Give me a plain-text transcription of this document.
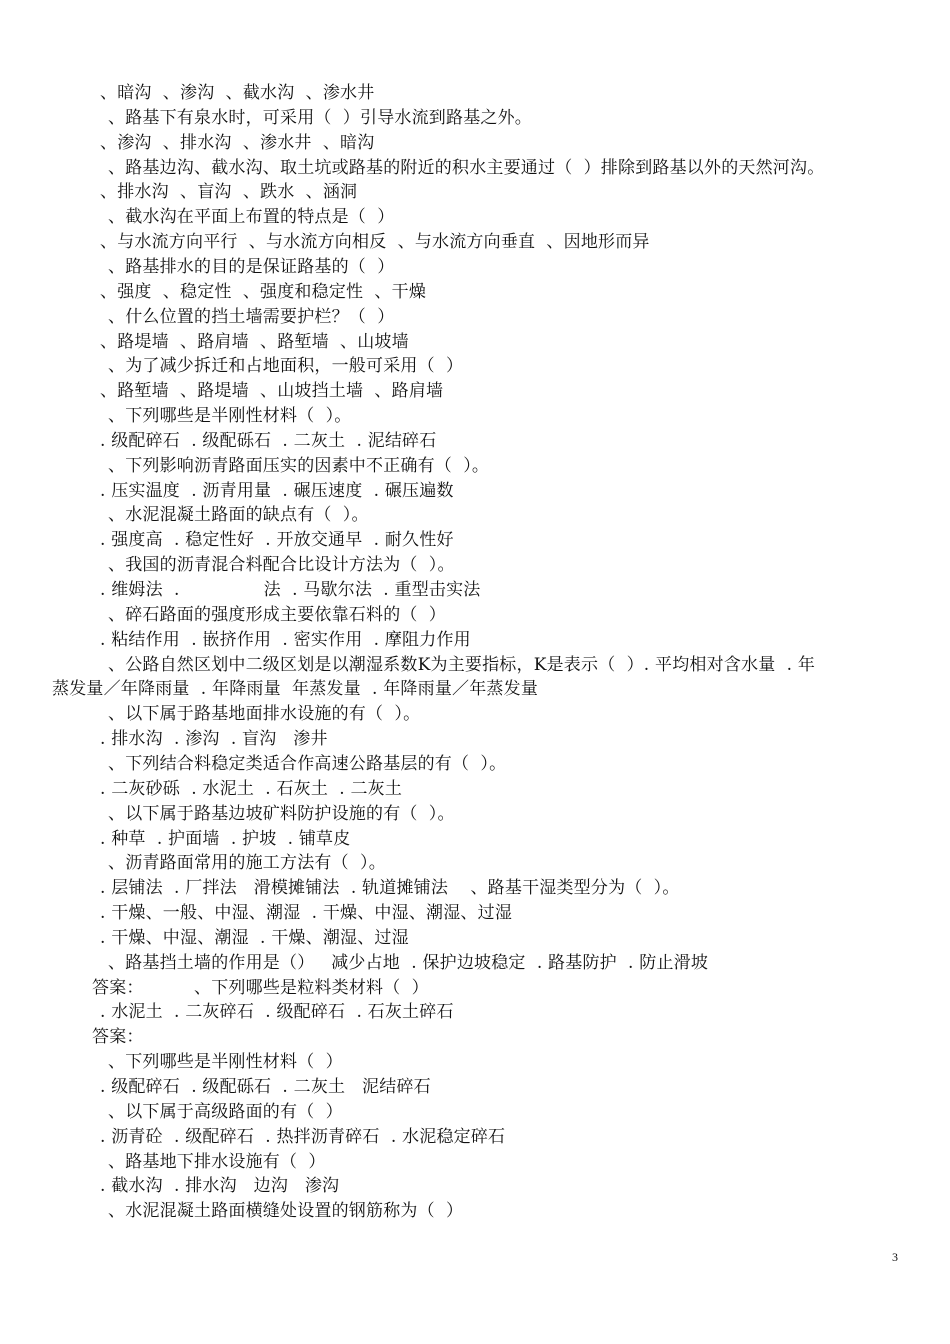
、暗沟  、渗沟  、截水沟  、渗水井
、路基下有泉水时，可采用（  ）引导水流到路基之外。
、渗沟  、排水沟  、渗水井  、暗沟
、路基边沟、截水沟、取土坑或路基的附近的积水主要通过（  ）排除到路基以外的天然河沟。
、排水沟  、盲沟  、跌水  、涵洞
、截水沟在平面上布置的特点是（  ）
、与水流方向平行  、与水流方向相反  、与水流方向垂直  、因地形而异
、路基排水的目的是保证路基的（  ）
、强度  、稳定性  、强度和稳定性  、干燥
、什么位置的挡土墙需要护栏？（  ）
、路堤墙  、路肩墙  、路堑墙  、山坡墙
、为了减少拆迁和占地面积，一般可采用（  ）
、路堑墙  、路堤墙  、山坡挡土墙  、路肩墙
、下列哪些是半刚性材料（  ）。
. 级配碎石  . 级配砾石  . 二灰土  . 泥结碎石
、下列影响沥青路面压实的因素中不正确有（  ）。
. 压实温度  . 沥青用量  . 碾压速度  . 碾压遍数
、水泥混凝土路面的缺点有（  ）。
. 强度高  . 稳定性好  . 开放交通早  . 耐久性好
、我国的沥青混合料配合比设计方法为（  ）。
. 维姆法  .               法  . 马歇尔法  . 重型击实法
、碎石路面的强度形成主要依靠石料的（  ）
. 粘结作用  . 嵌挤作用  . 密实作用  . 摩阻力作用
、公路自然区划中二级区划是以潮湿系数K为主要指标，K是表示（  ）. 平均相对含水量  . 年
蒸发量／年降雨量  . 年降雨量  年蒸发量  . 年降雨量／年蒸发量
、以下属于路基地面排水设施的有（  ）。
. 排水沟  . 渗沟  . 盲沟   渗井
、下列结合料稳定类适合作高速公路基层的有（  ）。
. 二灰砂砾  . 水泥土  . 石灰土  . 二灰土
、以下属于路基边坡矿料防护设施的有（  ）。
. 种草  . 护面墙  . 护坡  . 铺草皮
、沥青路面常用的施工方法有（  ）。
. 层铺法  . 厂拌法   滑模摊铺法  . 轨道摊铺法    、路基干湿类型分为（  ）。
. 干燥、一般、中湿、潮湿  . 干燥、中湿、潮湿、过湿
. 干燥、中湿、潮湿  . 干燥、潮湿、过湿
、路基挡土墙的作用是（）   减少占地  . 保护边坡稳定  . 路基防护  . 防止滑坡
答案：         、下列哪些是粒料类材料（  ）
. 水泥土  . 二灰碎石  . 级配碎石  . 石灰土碎石
答案：
、下列哪些是半刚性材料（  ）
. 级配碎石  . 级配砾石  . 二灰土   泥结碎石
、以下属于高级路面的有（  ）
. 沥青砼  . 级配碎石  . 热拌沥青碎石  . 水泥稳定碎石
、路基地下排水设施有（  ）
. 截水沟  . 排水沟   边沟   渗沟
、水泥混凝土路面横缝处设置的钢筋称为（  ）
3
